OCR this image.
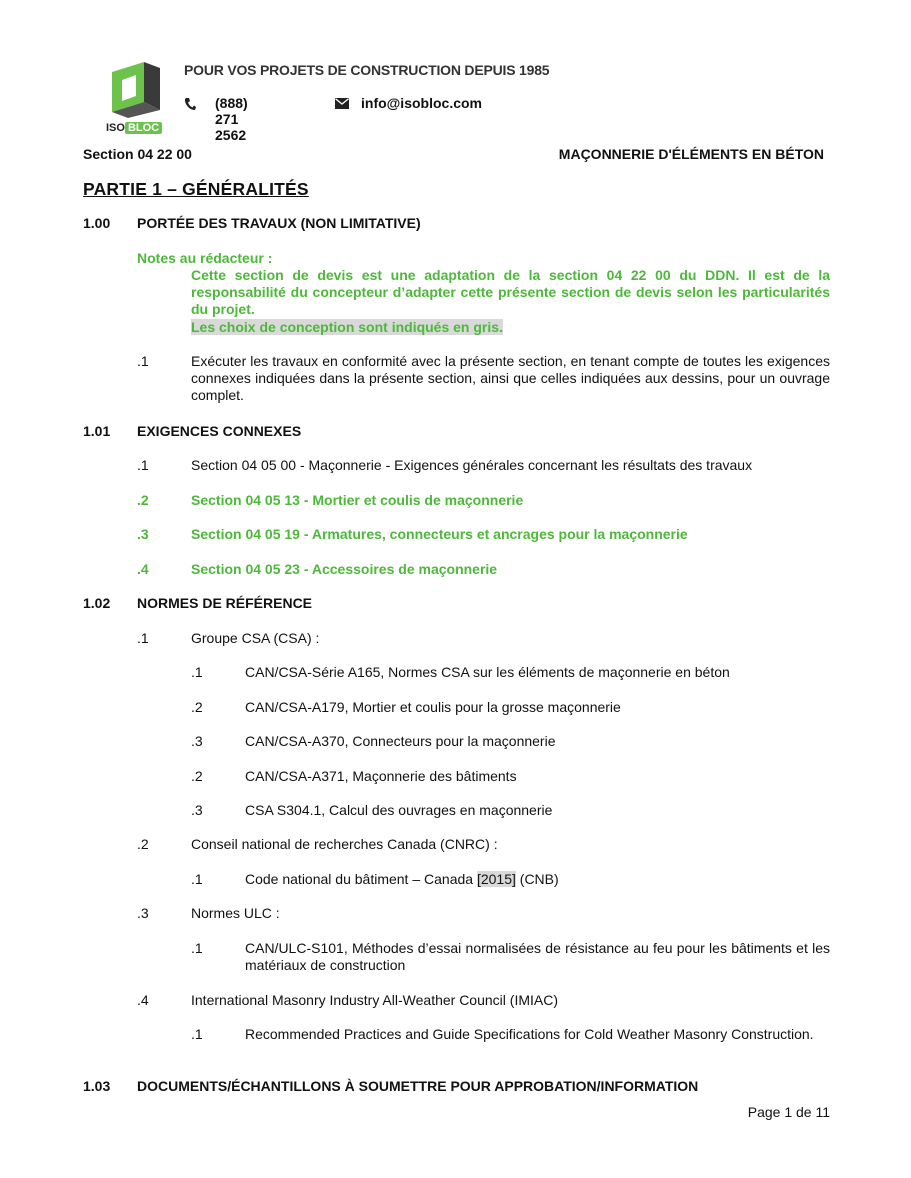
ISO BLOC
POUR VOS PROJETS DE CONSTRUCTION DEPUIS 1985
(888) 271 2562
info@isobloc.com
Section 04 22 00	MAÇONNERIE D'ÉLÉMENTS EN BÉTON
PARTIE 1 – GÉNÉRALITÉS
1.00 PORTÉE DES TRAVAUX (NON LIMITATIVE)
Notes au rédacteur :
Cette section de devis est une adaptation de la section 04 22 00 du DDN. Il est de la responsabilité du concepteur d’adapter cette présente section de devis selon les particularités du projet.
Les choix de conception sont indiqués en gris.
.1	Exécuter les travaux en conformité avec la présente section, en tenant compte de toutes les exigences connexes indiquées dans la présente section, ainsi que celles indiquées aux dessins, pour un ouvrage complet.
1.01 EXIGENCES CONNEXES
.1	Section 04 05 00 - Maçonnerie - Exigences générales concernant les résultats des travaux
.2	Section 04 05 13 - Mortier et coulis de maçonnerie
.3	Section 04 05 19 - Armatures, connecteurs et ancrages pour la maçonnerie
.4	Section 04 05 23 - Accessoires de maçonnerie
1.02 NORMES DE RÉFÉRENCE
.1	Groupe CSA (CSA) :
.1	CAN/CSA-Série A165, Normes CSA sur les éléments de maçonnerie en béton
.2	CAN/CSA-A179, Mortier et coulis pour la grosse maçonnerie
.3	CAN/CSA-A370, Connecteurs pour la maçonnerie
.2	CAN/CSA-A371, Maçonnerie des bâtiments
.3	CSA S304.1, Calcul des ouvrages en maçonnerie
.2	Conseil national de recherches Canada (CNRC) :
.1	Code national du bâtiment – Canada [2015] (CNB)
.3	Normes ULC :
.1	CAN/ULC-S101, Méthodes d’essai normalisées de résistance au feu pour les bâtiments et les matériaux de construction
.4	International Masonry Industry All-Weather Council (IMIAC)
.1	Recommended Practices and Guide Specifications for Cold Weather Masonry Construction.
1.03 DOCUMENTS/ÉCHANTILLONS À SOUMETTRE POUR APPROBATION/INFORMATION
Page 1 de 11
